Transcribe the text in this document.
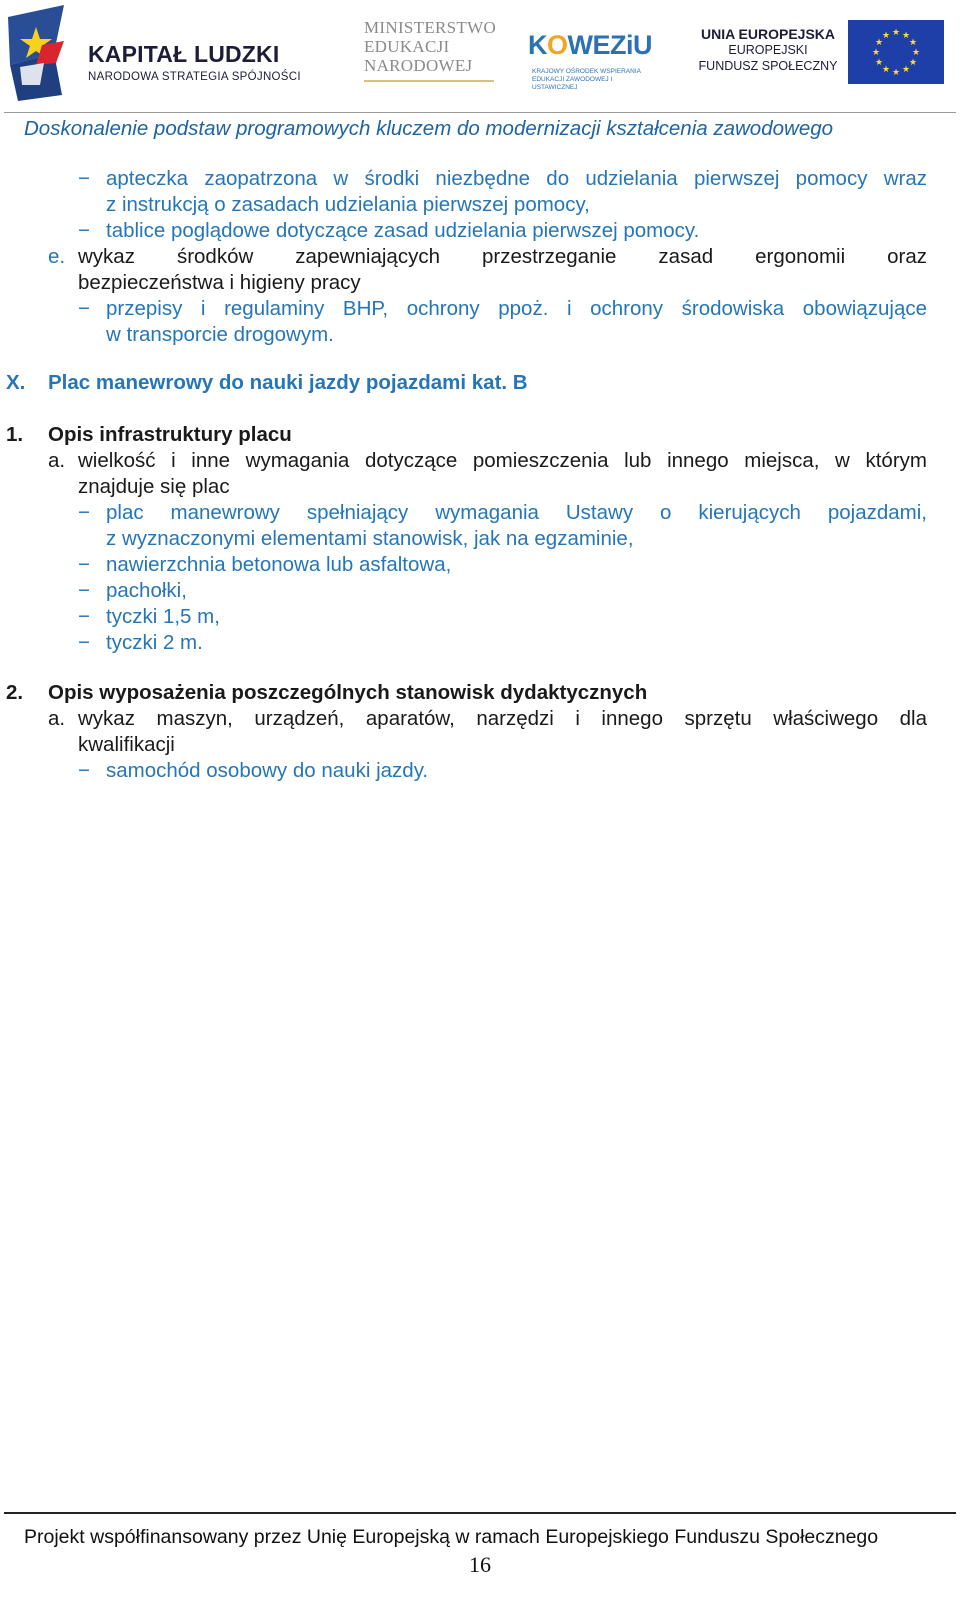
KAPITAŁ LUDZKI
NARODOWA STRATEGIA SPÓJNOŚCI
MINISTERSTWO
EDUKACJI
NARODOWEJ
KOWEZiU
KRAJOWY OŚRODEK WSPIERANIA EDUKACJI ZAWODOWEJ I USTAWICZNEJ
UNIA EUROPEJSKA
EUROPEJSKI
FUNDUSZ SPOŁECZNY
★ ★
★
★
★
★
★
★
★
★
★
★
Doskonalenie podstaw programowych kluczem do modernizacji kształcenia zawodowego
− apteczka zaopatrzona w środki niezbędne do udzielania pierwszej pomocy wraz
z instrukcją o zasadach udzielania pierwszej pomocy,
− tablice poglądowe dotyczące zasad udzielania pierwszej pomocy.
e. wykaz środków zapewniających przestrzeganie zasad ergonomii oraz
bezpieczeństwa i higieny pracy
− przepisy i regulaminy BHP, ochrony ppoż. i ochrony środowiska obowiązujące
w transporcie drogowym.
X. Plac manewrowy do nauki jazdy pojazdami kat. B
1. Opis infrastruktury placu
a. wielkość i inne wymagania dotyczące pomieszczenia lub innego miejsca, w którym
znajduje się plac
− plac manewrowy spełniający wymagania Ustawy o kierujących pojazdami,
z wyznaczonymi elementami stanowisk, jak na egzaminie,
− nawierzchnia betonowa lub asfaltowa,
− pachołki,
− tyczki 1,5 m,
− tyczki 2 m.
2. Opis wyposażenia poszczególnych stanowisk dydaktycznych
a. wykaz maszyn, urządzeń, aparatów, narzędzi i innego sprzętu właściwego dla
kwalifikacji
− samochód osobowy do nauki jazdy.
Projekt współfinansowany przez Unię Europejską w ramach Europejskiego Funduszu Społecznego
16
